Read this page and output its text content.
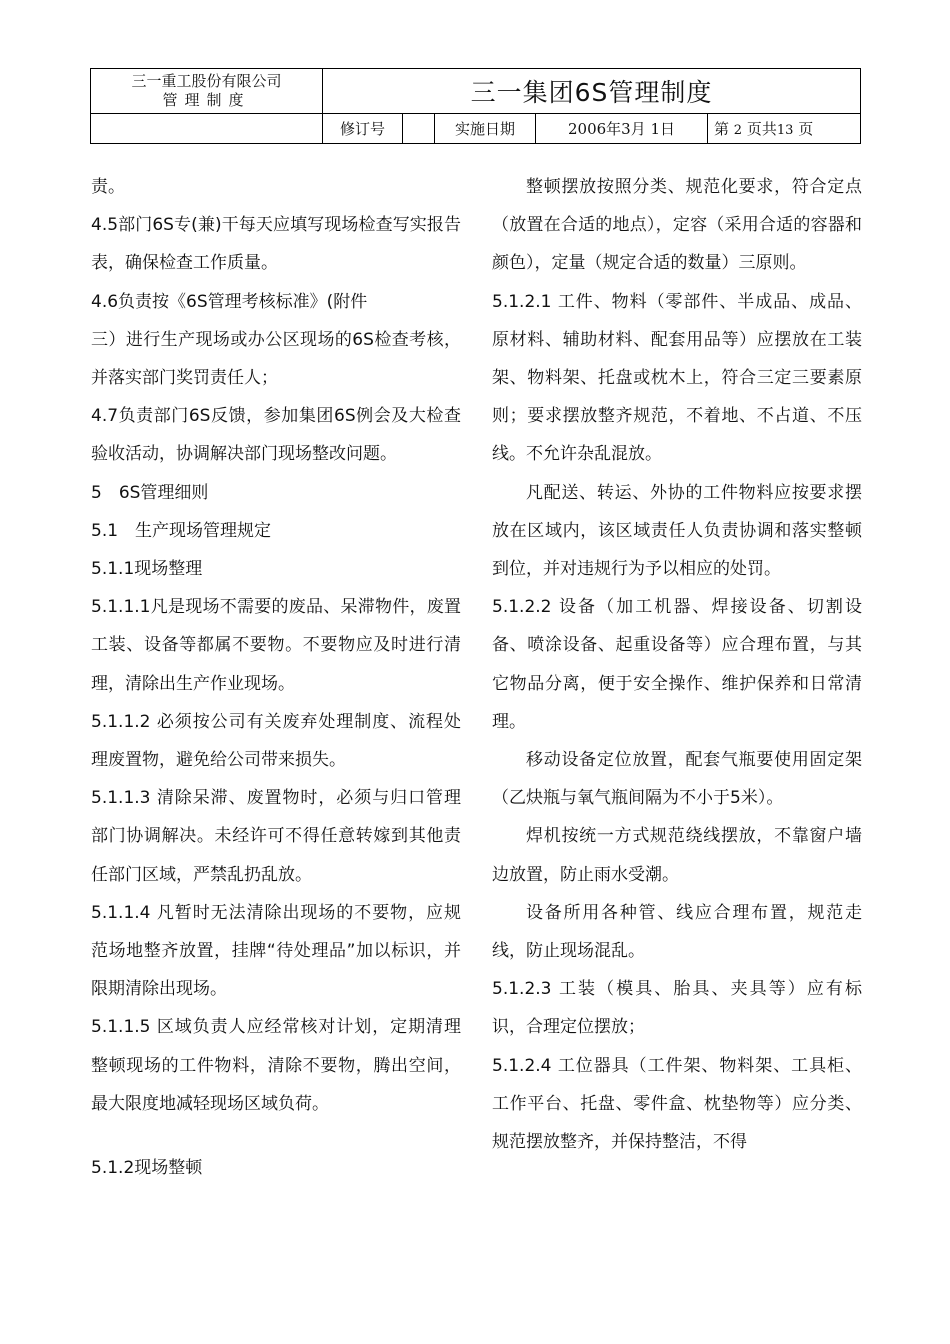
三一重工股份有限公司
管理制度	三一集团6S管理制度				
	修订号		实施日期	2006年3月 1日	第 2 页共13 页

责。

4.5部门6S专(兼)干每天应填写现场检查写实报告表，确保检查工作质量。

4.6负责按《6S管理考核标准》(附件

三）进行生产现场或办公区现场的6S检查考核，并落实部门奖罚责任人；

4.7负责部门6S反馈，参加集团6S例会及大检查验收活动，协调解决部门现场整改问题。

5　6S管理细则

5.1　生产现场管理规定

5.1.1现场整理

5.1.1.1凡是现场不需要的废品、呆滞物件，废置工装、设备等都属不要物。不要物应及时进行清理，清除出生产作业现场。

5.1.1.2 必须按公司有关废弃处理制度、流程处理废置物，避免给公司带来损失。

5.1.1.3 清除呆滞、废置物时，必须与归口管理部门协调解决。未经许可不得任意转嫁到其他责任部门区域，严禁乱扔乱放。

5.1.1.4 凡暂时无法清除出现场的不要物，应规范场地整齐放置，挂牌“待处理品”加以标识，并限期清除出现场。

5.1.1.5 区域负责人应经常核对计划，定期清理整顿现场的工件物料，清除不要物，腾出空间，最大限度地减轻现场区域负荷。

5.1.2现场整顿

整顿摆放按照分类、规范化要求，符合定点（放置在合适的地点），定容（采用合适的容器和颜色），定量（规定合适的数量）三原则。

5.1.2.1 工件、物料（零部件、半成品、成品、原材料、辅助材料、配套用品等）应摆放在工装架、物料架、托盘或枕木上，符合三定三要素原则；要求摆放整齐规范，不着地、不占道、不压线。不允许杂乱混放。

凡配送、转运、外协的工件物料应按要求摆放在区域内，该区域责任人负责协调和落实整顿到位，并对违规行为予以相应的处罚。

5.1.2.2 设备（加工机器、焊接设备、切割设备、喷涂设备、起重设备等）应合理布置，与其它物品分离，便于安全操作、维护保养和日常清理。

移动设备定位放置，配套气瓶要使用固定架（乙炔瓶与氧气瓶间隔为不小于5米）。

焊机按统一方式规范绕线摆放，不靠窗户墙边放置，防止雨水受潮。

设备所用各种管、线应合理布置，规范走线，防止现场混乱。

5.1.2.3 工装（模具、胎具、夹具等）应有标识，合理定位摆放；

5.1.2.4 工位器具（工件架、物料架、工具柜、工作平台、托盘、零件盒、枕垫物等）应分类、规范摆放整齐，并保持整洁，不得
